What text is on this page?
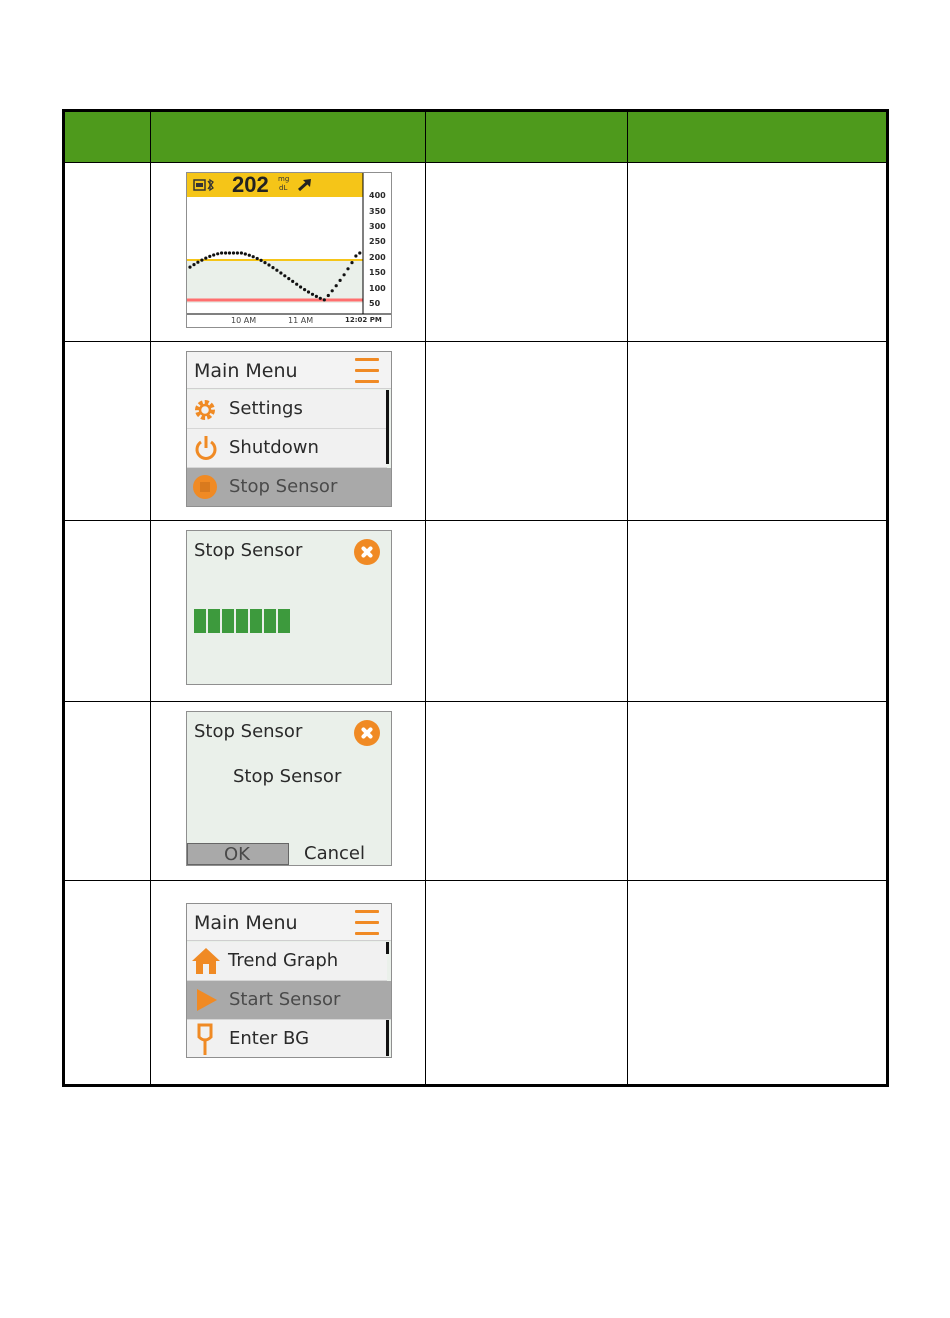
202 mg
dL
400
350
300
250
200
150
100
50
10 AM	11 AM	12:02 PM
Main Menu
Settings
Shutdown
Stop Sensor
Stop Sensor
Stop Sensor
Stop Sensor
OK	Cancel
Main Menu
Trend Graph
Start Sensor
Enter BG
